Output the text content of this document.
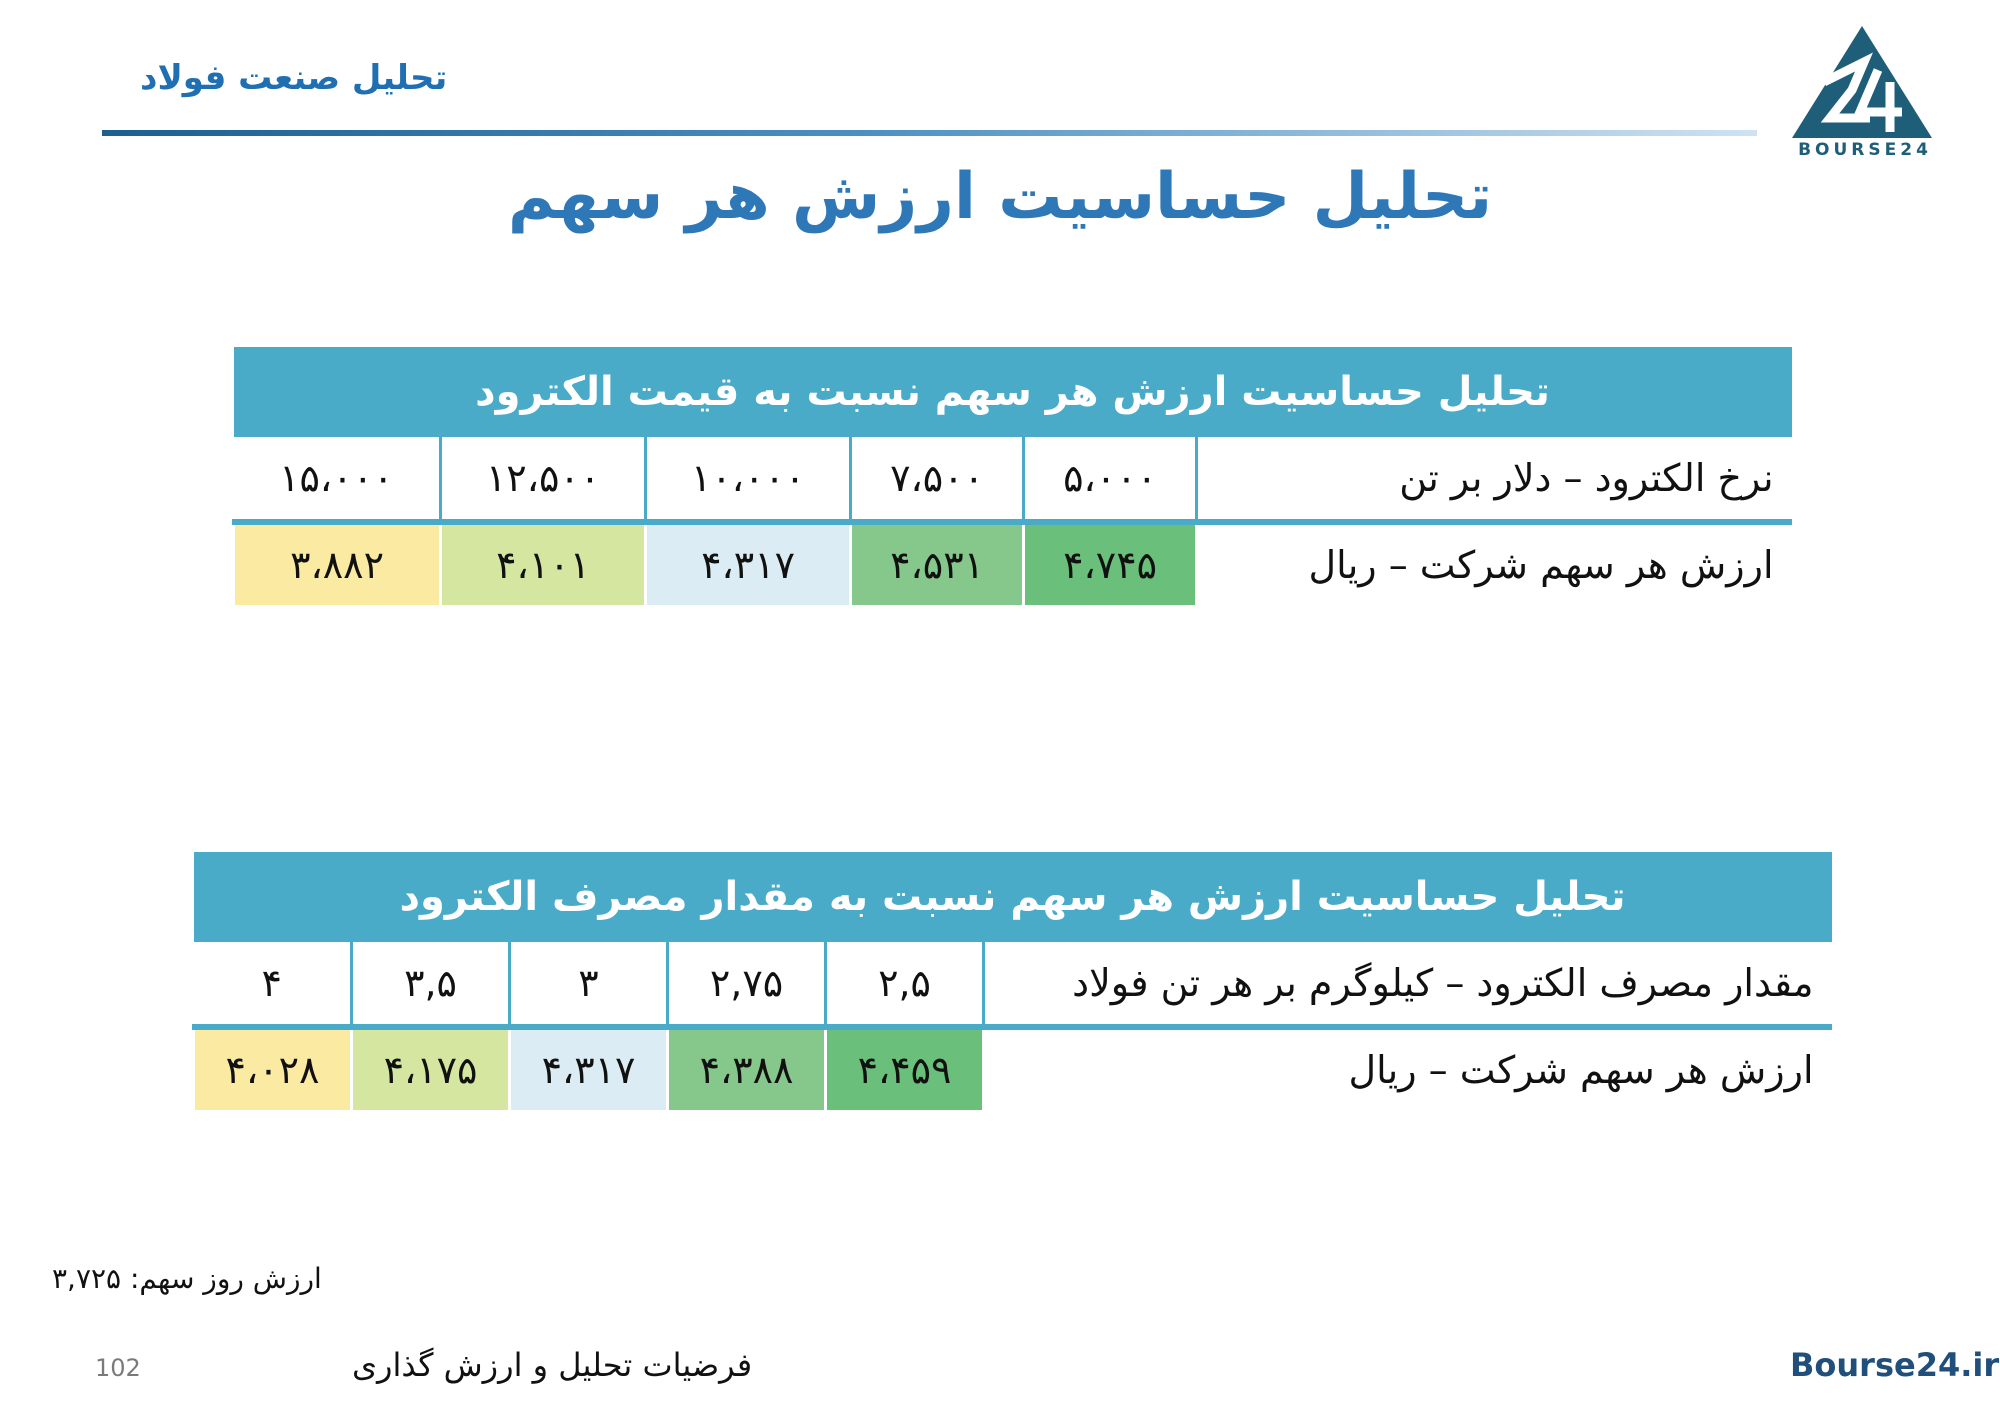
تحلیل صنعت فولاد
BOURSE24
تحلیل حساسیت ارزش هر سهم
تحلیل حساسیت ارزش هر سهم نسبت به قیمت الکترود					
نرخ الکترود – دلار بر تن	۵،۰۰۰	۷،۵۰۰	۱۰،۰۰۰	۱۲،۵۰۰	۱۵،۰۰۰
ارزش هر سهم شرکت – ریال	۴،۷۴۵	۴،۵۳۱	۴،۳۱۷	۴،۱۰۱	۳،۸۸۲
تحلیل حساسیت ارزش هر سهم نسبت به مقدار مصرف الکترود					
مقدار مصرف الکترود – کیلوگرم بر هر تن فولاد	۲,۵	۲,۷۵	۳	۳,۵	۴
ارزش هر سهم شرکت – ریال	۴،۴۵۹	۴،۳۸۸	۴،۳۱۷	۴،۱۷۵	۴،۰۲۸
ارزش روز سهم: ۳,۷۲۵
102	فرضیات تحلیل و ارزش گذاری	Bourse24.ir
